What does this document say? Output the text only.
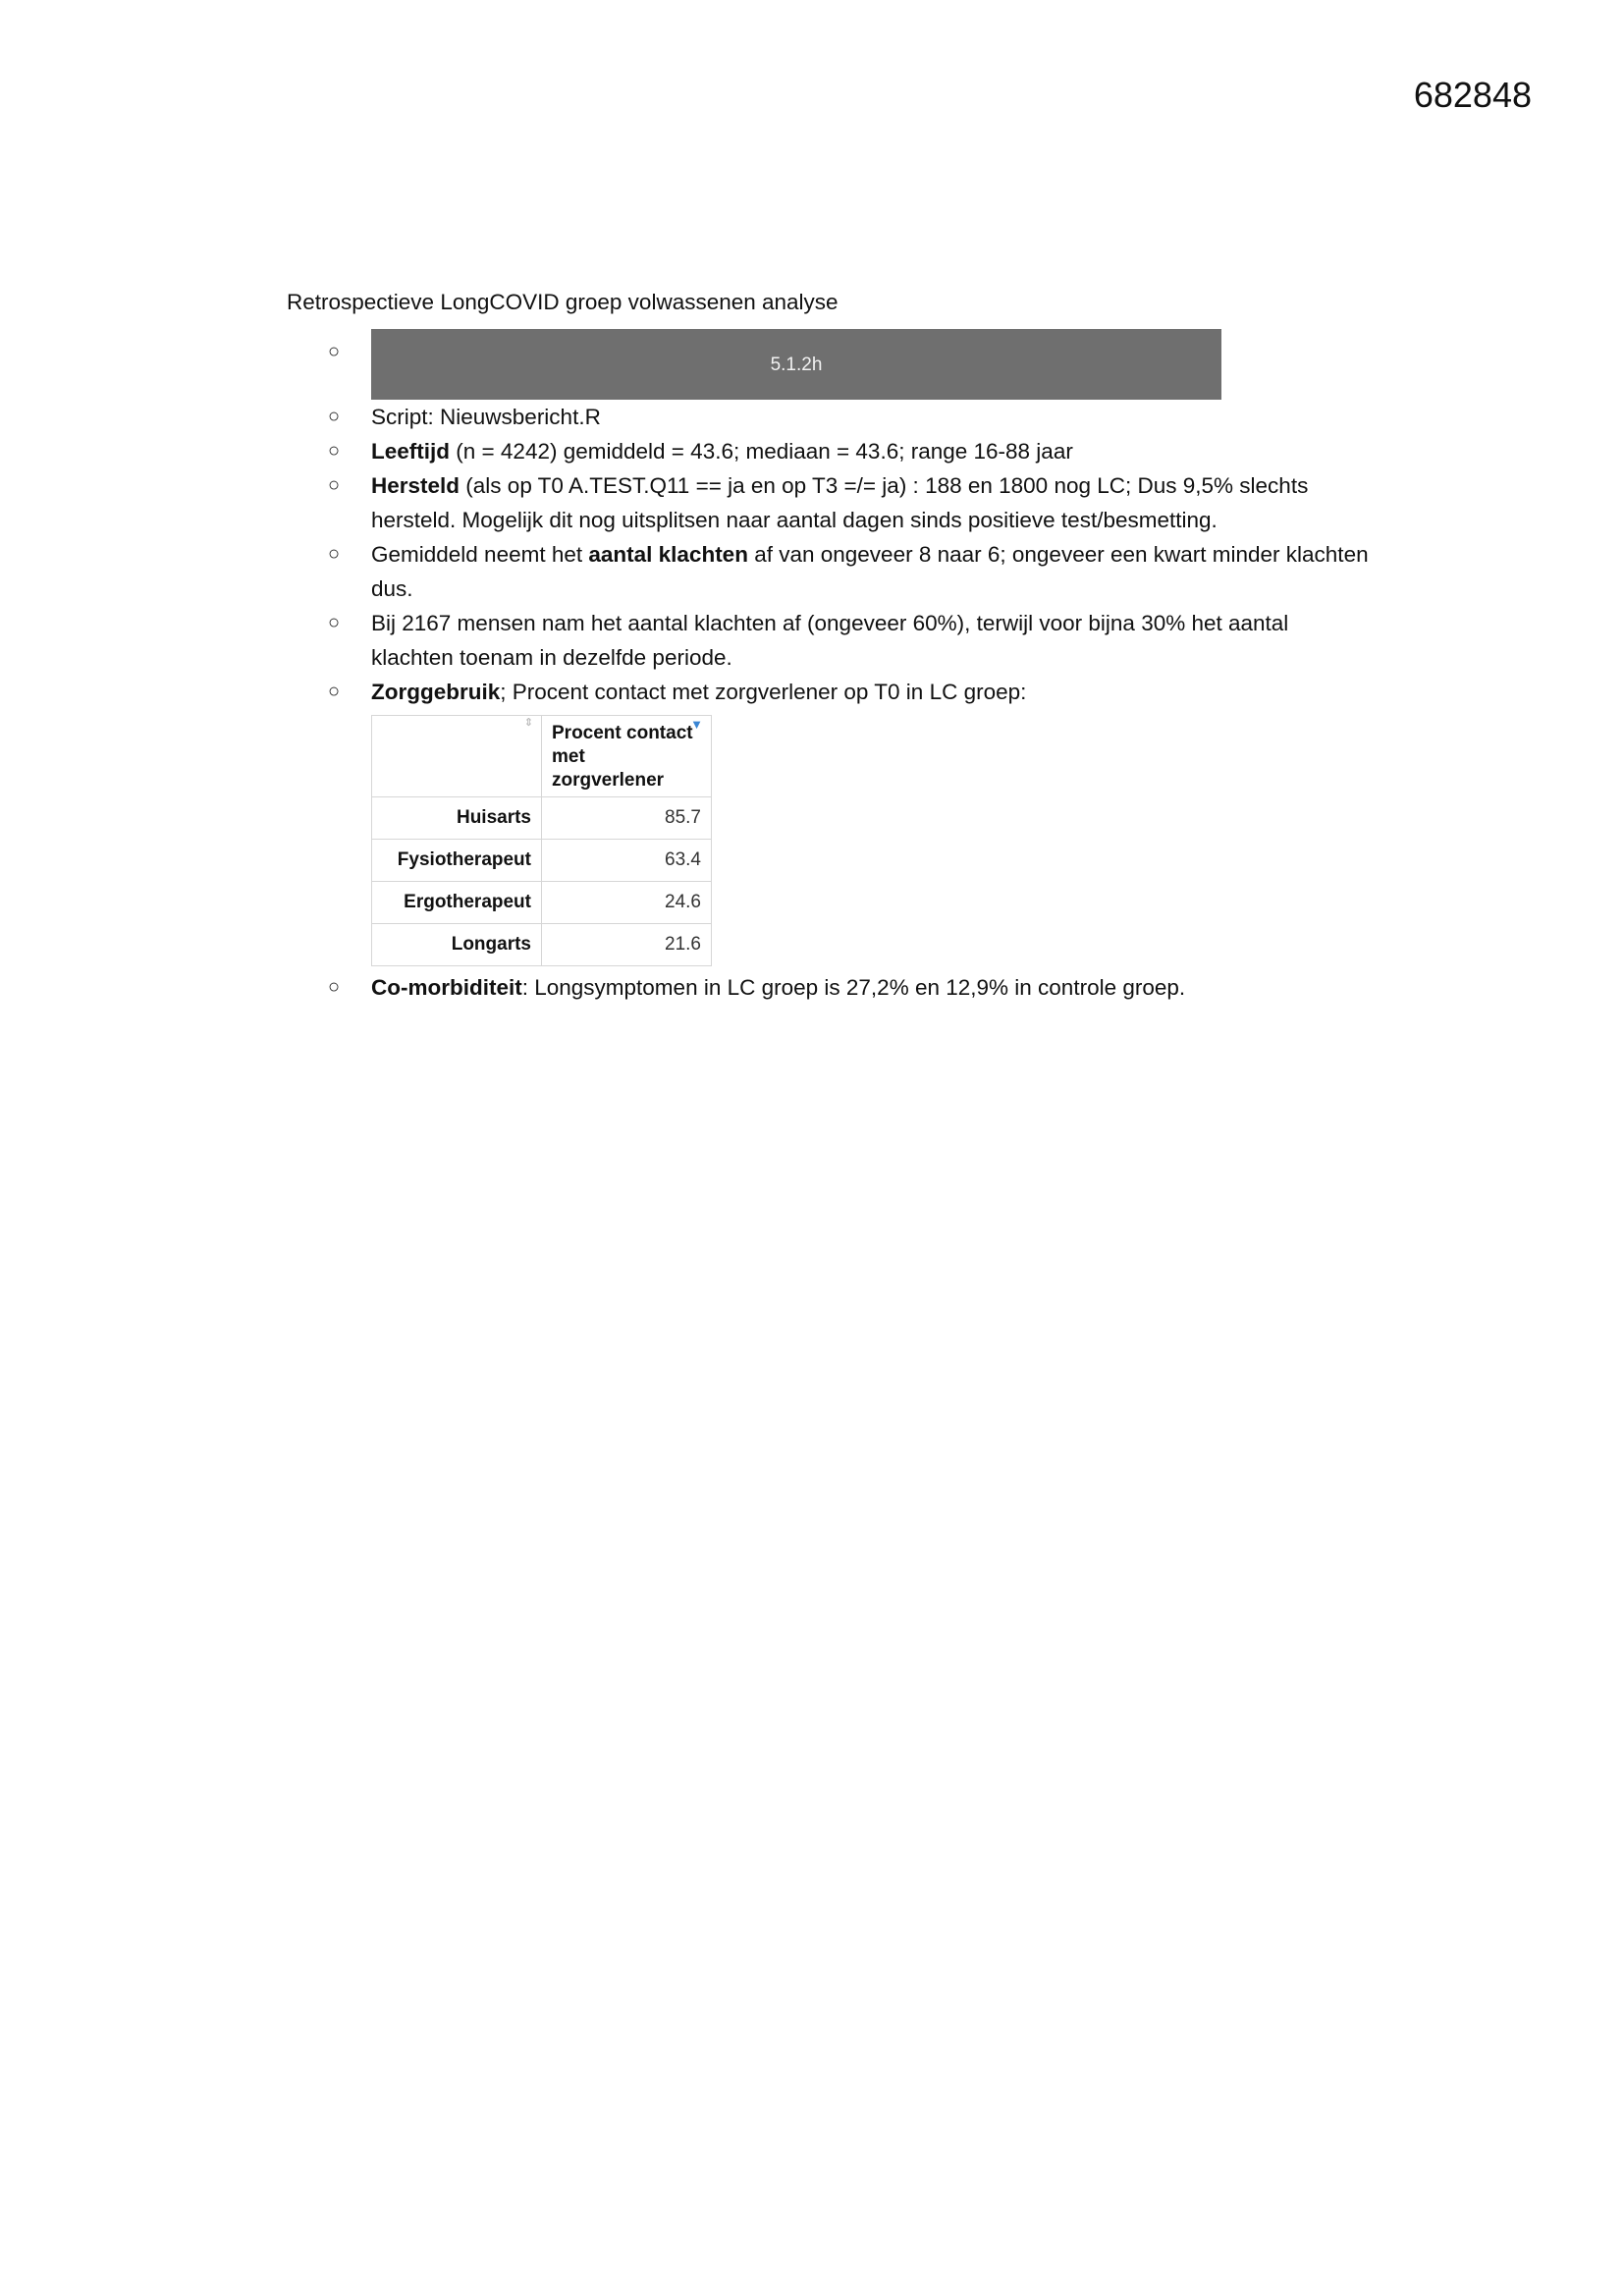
682848

Retrospectieve LongCOVID groep volwassenen analyse

○
5.1.2h
○ Script: Nieuwsbericht.R
○ Leeftijd (n = 4242) gemiddeld = 43.6; mediaan = 43.6; range 16-88 jaar
○ Hersteld (als op T0 A.TEST.Q11 == ja en op T3 =/= ja) : 188 en 1800 nog LC; Dus 9,5% slechts hersteld. Mogelijk dit nog uitsplitsen naar aantal dagen sinds positieve test/besmetting.
○ Gemiddeld neemt het aantal klachten af van ongeveer 8 naar 6; ongeveer een kwart minder klachten dus.
○ Bij 2167 mensen nam het aantal klachten af (ongeveer 60%), terwijl voor bijna 30% het aantal klachten toenam in dezelfde periode.
○ Zorggebruik; Procent contact met zorgverlener op T0 in LC groep:
⇕	Procent contact met zorgverlener
▼

Huisarts	85.7
Fysiotherapeut	63.4
Ergotherapeut	24.6
Longarts	21.6
○ Co-morbiditeit: Longsymptomen in LC groep is 27,2% en 12,9% in controle groep.
